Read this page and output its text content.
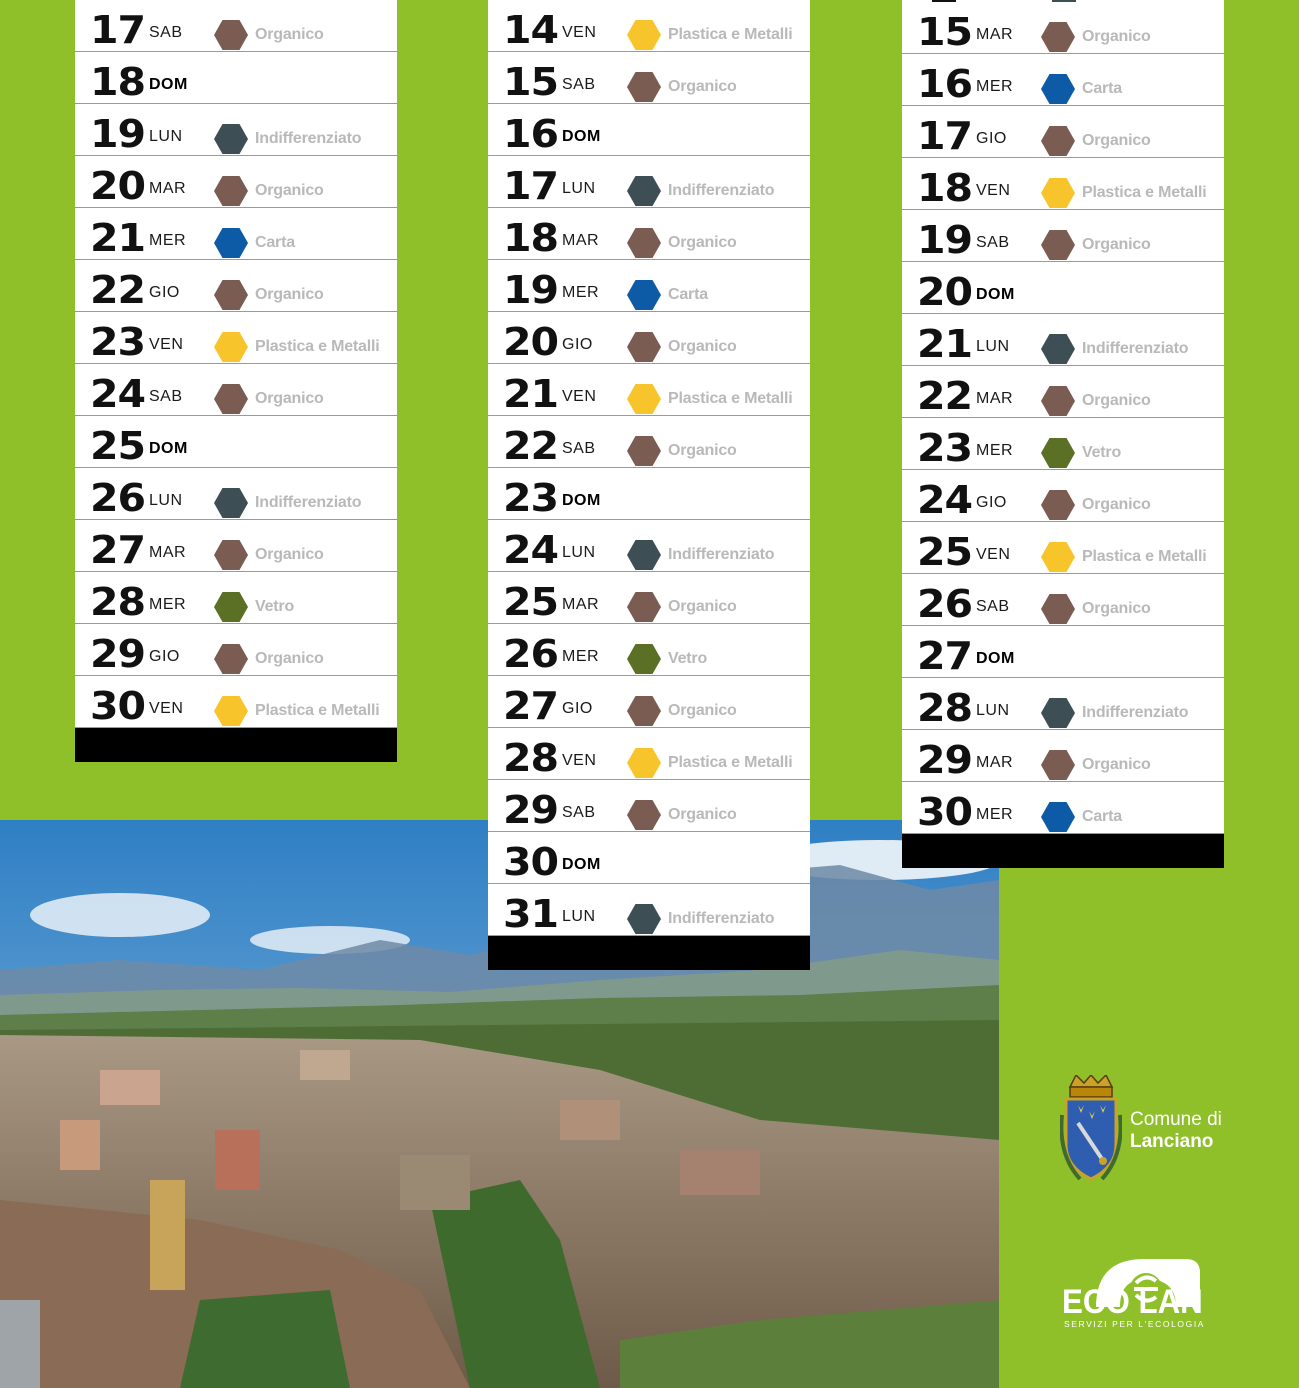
17 SAB	Organico
18 DOM
19 LUN	Indifferenziato
20 MAR	Organico
21 MER	Carta
22 GIO	Organico
23 VEN	Plastica e Metalli
24 SAB	Organico
25 DOM
26 LUN	Indifferenziato
27 MAR	Organico
28 MER	Vetro
29 GIO	Organico
30 VEN	Plastica e Metalli
14 VEN	Plastica e Metalli
15 SAB	Organico
16 DOM
17 LUN	Indifferenziato
18 MAR	Organico
19 MER	Carta
20 GIO	Organico
21 VEN	Plastica e Metalli
22 SAB	Organico
23 DOM
24 LUN	Indifferenziato
25 MAR	Organico
26 MER	Vetro
27 GIO	Organico
28 VEN	Plastica e Metalli
29 SAB	Organico
30 DOM
31 LUN	Indifferenziato
15 MAR	Organico
16 MER	Carta
17 GIO	Organico
18 VEN	Plastica e Metalli
19 SAB	Organico
20 DOM
21 LUN	Indifferenziato
22 MAR	Organico
23 MER	Vetro
24 GIO	Organico
25 VEN	Plastica e Metalli
26 SAB	Organico
27 DOM
28 LUN	Indifferenziato
29 MAR	Organico
30 MER	Carta
Comune di
Lanciano
ECO LAN
SERVIZI PER L'ECOLOGIA
